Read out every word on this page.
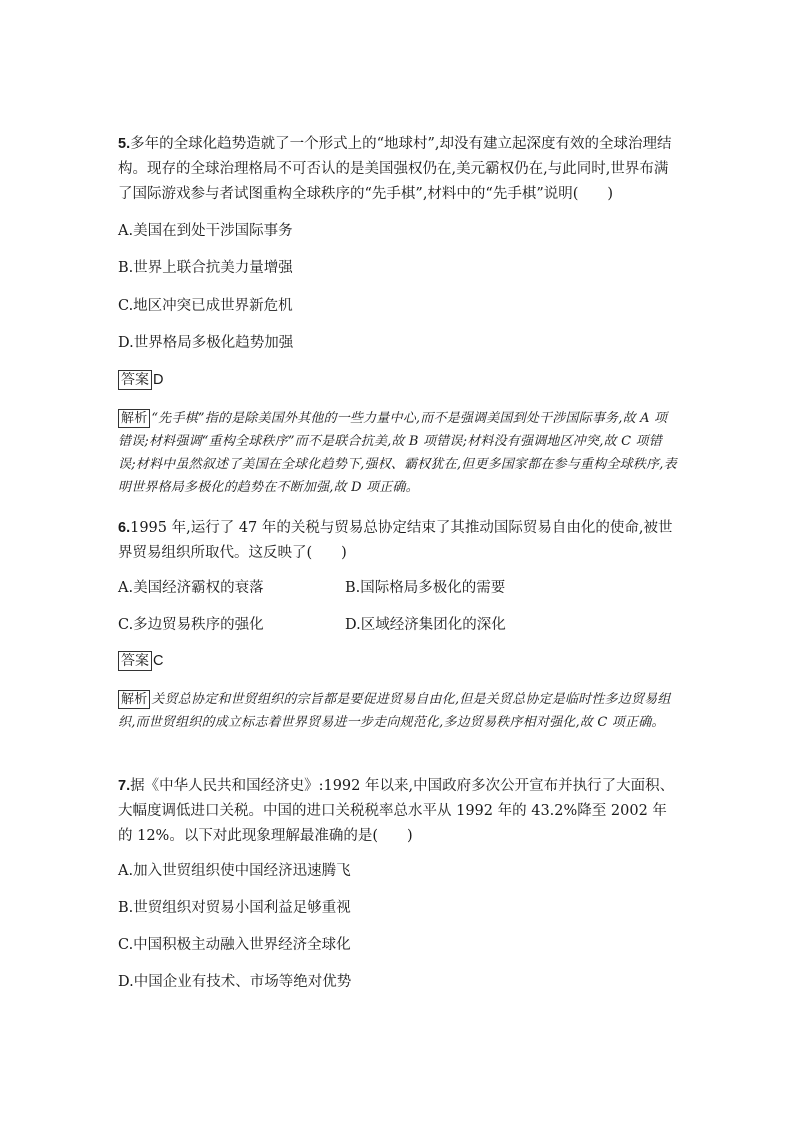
5.多年的全球化趋势造就了一个形式上的“地球村”,却没有建立起深度有效的全球治理结构。现存的全球治理格局不可否认的是美国强权仍在,美元霸权仍在,与此同时,世界布满了国际游戏参与者试图重构全球秩序的“先手棋”,材料中的“先手棋”说明(　　)

A.美国在到处干涉国际事务

B.世界上联合抗美力量增强

C.地区冲突已成世界新危机

D.世界格局多极化趋势加强

答案 D

解析 “先手棋”指的是除美国外其他的一些力量中心,而不是强调美国到处干涉国际事务,故 A 项错误;材料强调“重构全球秩序”而不是联合抗美,故 B 项错误;材料没有强调地区冲突,故 C 项错误;材料中虽然叙述了美国在全球化趋势下,强权、霸权犹在,但更多国家都在参与重构全球秩序,表明世界格局多极化的趋势在不断加强,故 D 项正确。

6.1995 年,运行了 47 年的关税与贸易总协定结束了其推动国际贸易自由化的使命,被世界贸易组织所取代。这反映了(　　)

A.美国经济霸权的衰落	B.国际格局多极化的需要

C.多边贸易秩序的强化	D.区域经济集团化的深化

答案 C

解析 关贸总协定和世贸组织的宗旨都是要促进贸易自由化,但是关贸总协定是临时性多边贸易组织,而世贸组织的成立标志着世界贸易进一步走向规范化,多边贸易秩序相对强化,故 C 项正确。

7.据《中华人民共和国经济史》:1992 年以来,中国政府多次公开宣布并执行了大面积、大幅度调低进口关税。中国的进口关税税率总水平从 1992 年的 43.2%降至 2002 年的 12%。以下对此现象理解最准确的是(　　)

A.加入世贸组织使中国经济迅速腾飞

B.世贸组织对贸易小国利益足够重视

C.中国积极主动融入世界经济全球化

D.中国企业有技术、市场等绝对优势
